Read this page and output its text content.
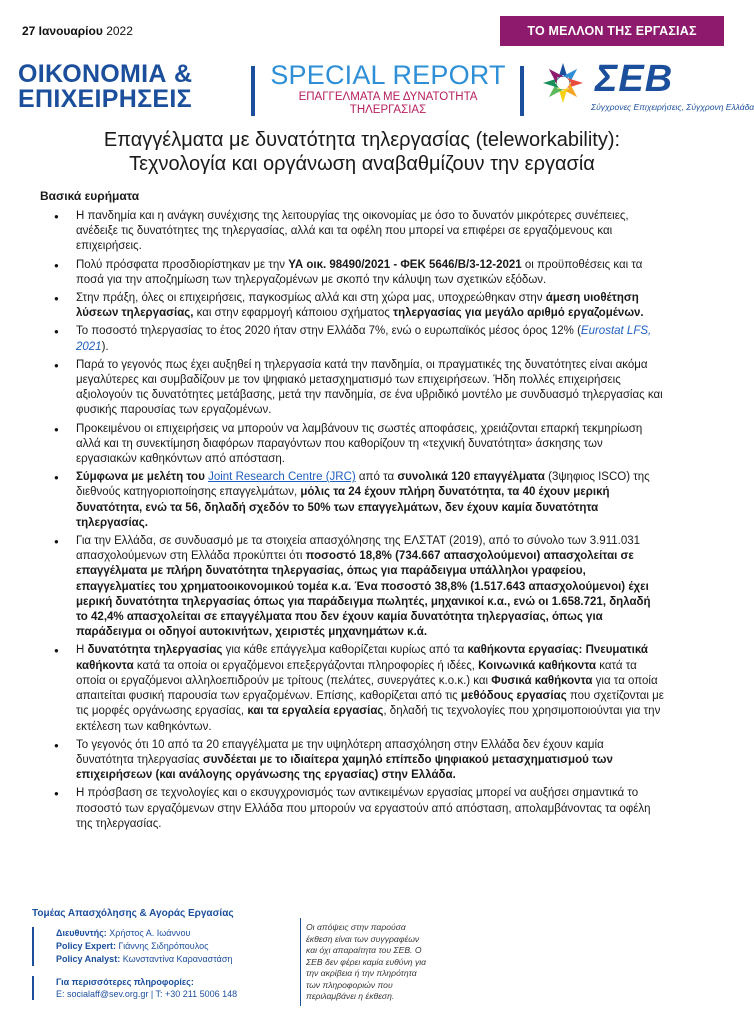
27 Ιανουαρίου 2022	ΤΟ ΜΕΛΛΟΝ ΤΗΣ ΕΡΓΑΣΙΑΣ
ΟΙΚΟΝΟΜΙΑ &
ΕΠΙΧΕΙΡΗΣΕΙΣ
SPECIAL REPORT
ΕΠΑΓΓΕΛΜΑΤΑ ΜΕ ΔΥΝΑΤΟΤΗΤΑ
ΤΗΛΕΡΓΑΣΙΑΣ
ΣΕΒ
Σύγχρονες Επιχειρήσεις, Σύγχρονη Ελλάδα
Επαγγέλματα με δυνατότητα τηλεργασίας (teleworkability):
Τεχνολογία και οργάνωση αναβαθμίζουν την εργασία
Βασικά ευρήματα
● Η πανδημία και η ανάγκη συνέχισης της λειτουργίας της οικονομίας με όσο το δυνατόν μικρότερες συνέπειες, ανέδειξε τις δυνατότητες της τηλεργασίας, αλλά και τα οφέλη που μπορεί να επιφέρει σε εργαζόμενους και επιχειρήσεις.
● Πολύ πρόσφατα προσδιορίστηκαν με την ΥΑ οικ. 98490/2021 - ΦΕΚ 5646/Β/3-12-2021 οι προϋποθέσεις και τα ποσά για την αποζημίωση των τηλεργαζομένων με σκοπό την κάλυψη των σχετικών εξόδων.
● Στην πράξη, όλες οι επιχειρήσεις, παγκοσμίως αλλά και στη χώρα μας, υποχρεώθηκαν στην άμεση υιοθέτηση λύσεων τηλεργασίας, και στην εφαρμογή κάποιου σχήματος τηλεργασίας για μεγάλο αριθμό εργαζομένων.
● Το ποσοστό τηλεργασίας το έτος 2020 ήταν στην Ελλάδα 7%, ενώ ο ευρωπαϊκός μέσος όρος 12% (Eurostat LFS, 2021).
● Παρά το γεγονός πως έχει αυξηθεί η τηλεργασία κατά την πανδημία, οι πραγματικές της δυνατότητες είναι ακόμα μεγαλύτερες και συμβαδίζουν με τον ψηφιακό μετασχηματισμό των επιχειρήσεων. Ήδη πολλές επιχειρήσεις αξιολογούν τις δυνατότητες μετάβασης, μετά την πανδημία, σε ένα υβριδικό μοντέλο με συνδυασμό τηλεργασίας και φυσικής παρουσίας των εργαζομένων.
● Προκειμένου οι επιχειρήσεις να μπορούν να λαμβάνουν τις σωστές αποφάσεις, χρειάζονται επαρκή τεκμηρίωση αλλά και τη συνεκτίμηση διαφόρων παραγόντων που καθορίζουν τη «τεχνική δυνατότητα» άσκησης των εργασιακών καθηκόντων από απόσταση.
● Σύμφωνα με μελέτη του Joint Research Centre (JRC) από τα συνολικά 120 επαγγέλματα (3ψηφιος ISCO) της διεθνούς κατηγοριοποίησης επαγγελμάτων, μόλις τα 24 έχουν πλήρη δυνατότητα, τα 40 έχουν μερική δυνατότητα, ενώ τα 56, δηλαδή σχεδόν το 50% των επαγγελμάτων, δεν έχουν καμία δυνατότητα τηλεργασίας.
● Για την Ελλάδα, σε συνδυασμό με τα στοιχεία απασχόλησης της ΕΛΣΤΑΤ (2019), από το σύνολο των 3.911.031 απασχολούμενων στη Ελλάδα προκύπτει ότι ποσοστό 18,8% (734.667 απασχολούμενοι) απασχολείται σε επαγγέλματα με πλήρη δυνατότητα τηλεργασίας, όπως για παράδειγμα υπάλληλοι γραφείου, επαγγελματίες του χρηματοοικονομικού τομέα κ.α. Ένα ποσοστό 38,8% (1.517.643 απασχολούμενοι) έχει μερική δυνατότητα τηλεργασίας όπως για παράδειγμα πωλητές, μηχανικοί κ.α., ενώ οι 1.658.721, δηλαδή το 42,4% απασχολείται σε επαγγέλματα που δεν έχουν καμία δυνατότητα τηλεργασίας, όπως για παράδειγμα οι οδηγοί αυτοκινήτων, χειριστές μηχανημάτων κ.ά.
● Η δυνατότητα τηλεργασίας για κάθε επάγγελμα καθορίζεται κυρίως από τα καθήκοντα εργασίας: Πνευματικά καθήκοντα κατά τα οποία οι εργαζόμενοι επεξεργάζονται πληροφορίες ή ιδέες, Κοινωνικά καθήκοντα κατά τα οποία οι εργαζόμενοι αλληλοεπιδρούν με τρίτους (πελάτες, συνεργάτες κ.ο.κ.) και Φυσικά καθήκοντα για τα οποία απαιτείται φυσική παρουσία των εργαζομένων. Επίσης, καθορίζεται από τις μεθόδους εργασίας που σχετίζονται με τις μορφές οργάνωσης εργασίας, και τα εργαλεία εργασίας, δηλαδή τις τεχνολογίες που χρησιμοποιούνται για την εκτέλεση των καθηκόντων.
● Το γεγονός ότι 10 από τα 20 επαγγέλματα με την υψηλότερη απασχόληση στην Ελλάδα δεν έχουν καμία δυνατότητα τηλεργασίας συνδέεται με το ιδιαίτερα χαμηλό επίπεδο ψηφιακού μετασχηματισμού των επιχειρήσεων (και ανάλογης οργάνωσης της εργασίας) στην Ελλάδα.
● Η πρόσβαση σε τεχνολογίες και ο εκσυγχρονισμός των αντικειμένων εργασίας μπορεί να αυξήσει σημαντικά το ποσοστό των εργαζόμενων στην Ελλάδα που μπορούν να εργαστούν από απόσταση, απολαμβάνοντας τα οφέλη της τηλεργασίας.
Τομέας Απασχόλησης & Αγοράς Εργασίας
Διευθυντής: Χρήστος Α. Ιωάννου
Policy Expert: Γιάννης Σιδηρόπουλος
Policy Analyst: Κωνσταντίνα Καραναστάση
Για περισσότερες πληροφορίες:
E: socialaff@sev.org.gr | T: +30 211 5006 148
Οι απόψεις στην παρούσα έκθεση είναι των συγγραφέων και όχι απαραίτητα του ΣΕΒ. Ο ΣΕΒ δεν φέρει καμία ευθύνη για την ακρίβεια ή την πληρότητα των πληροφοριών που περιλαμβάνει η έκθεση.
